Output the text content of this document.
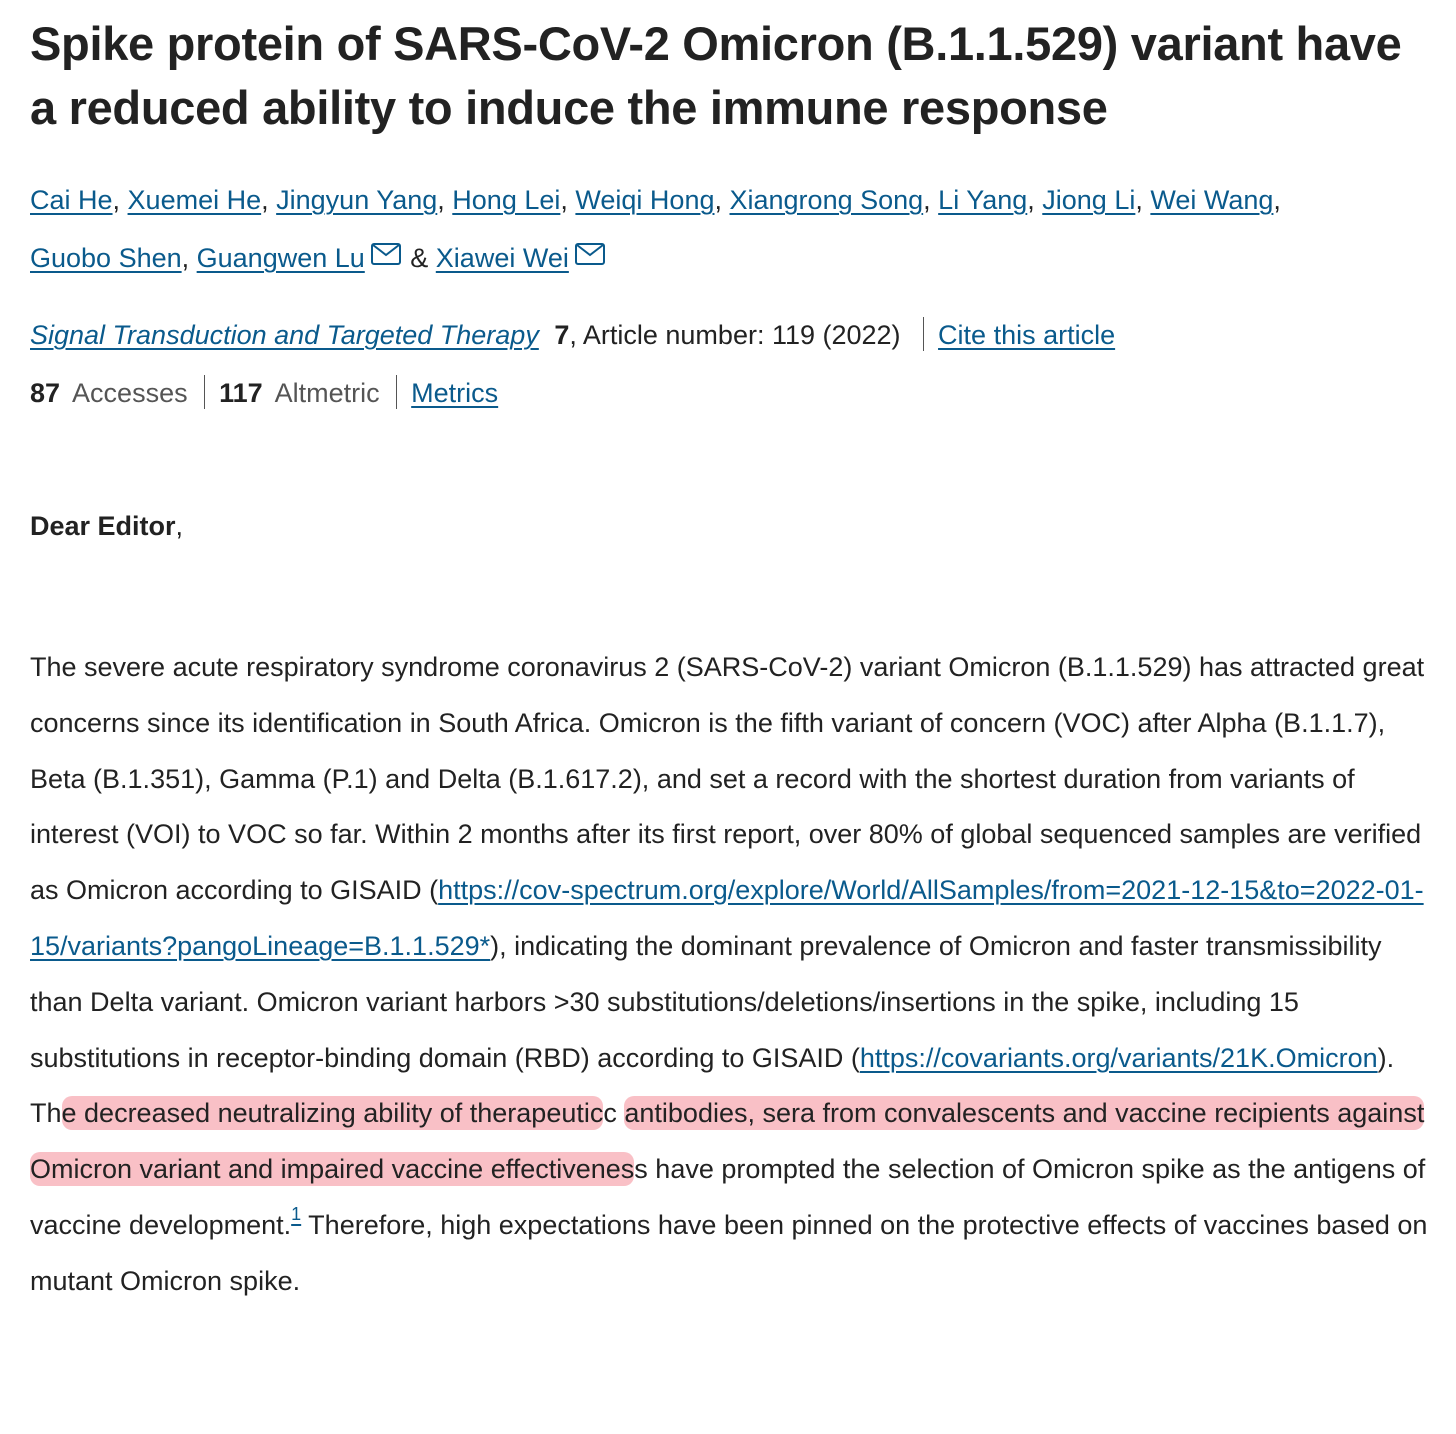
Spike protein of SARS-CoV-2 Omicron (B.1.1.529) variant have a reduced ability to induce the immune response
Cai He, Xuemei He, Jingyun Yang, Hong Lei, Weiqi Hong, Xiangrong Song, Li Yang, Jiong Li, Wei Wang,
Guobo Shen, Guangwen Lu & Xiawei Wei
Signal Transduction and Targeted Therapy 7, Article number: 119 (2022) Cite this article
87 Accesses 117 Altmetric Metrics
Dear Editor,
The severe acute respiratory syndrome coronavirus 2 (SARS-CoV-2) variant Omicron (B.1.1.529) has attracted great concerns since its identification in South Africa. Omicron is the fifth variant of concern (VOC) after Alpha (B.1.1.7), Beta (B.1.351), Gamma (P.1) and Delta (B.1.617.2), and set a record with the shortest duration from variants of interest (VOI) to VOC so far. Within 2 months after its first report, over 80% of global sequenced samples are verified as Omicron according to GISAID (https://cov-spectrum.org/explore/World/AllSamples/from=2021-12-15&to=2022-01-15/variants?pangoLineage=B.1.1.529*), indicating the dominant prevalence of Omicron and faster transmissibility than Delta variant. Omicron variant harbors >30 substitutions/deletions/insertions in the spike, including 15 substitutions in receptor-binding domain (RBD) according to GISAID (https://covariants.org/variants/21K.Omicron). The decreased neutralizing ability of therapeuticc antibodies, sera from convalescents and vaccine recipients against Omicron variant and impaired vaccine effectiveness have prompted the selection of Omicron spike as the antigens of vaccine development.$^1$ Therefore, high expectations have been pinned on the protective effects of vaccines based on mutant Omicron spike.
